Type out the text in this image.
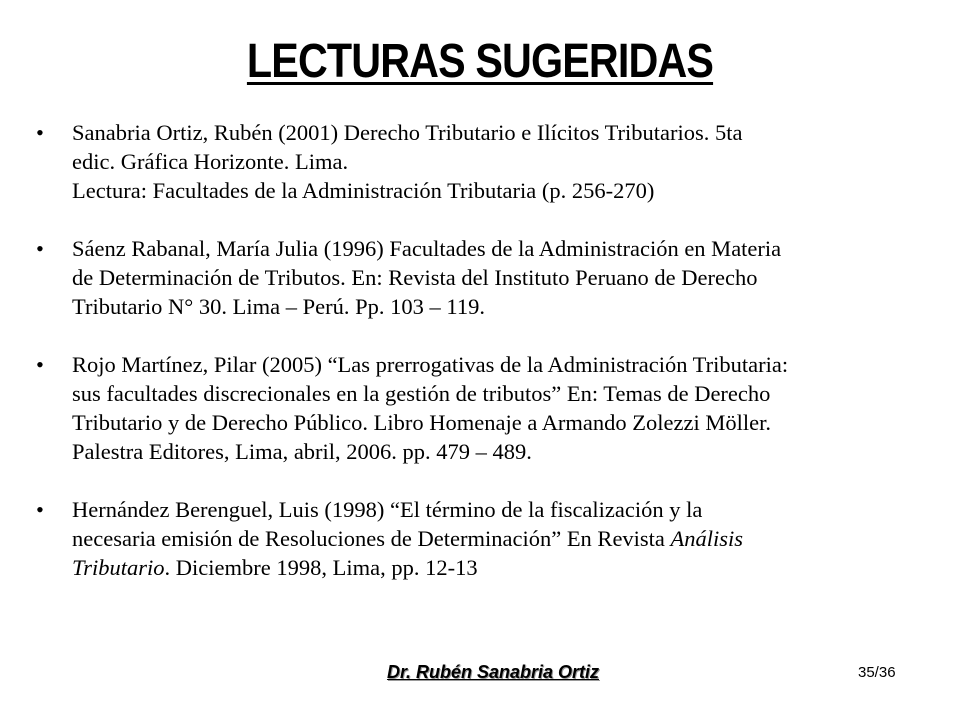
LECTURAS SUGERIDAS
• Sanabria Ortiz, Rubén (2001) Derecho Tributario e Ilícitos Tributarios. 5ta
edic. Gráfica Horizonte. Lima.
Lectura: Facultades de la Administración Tributaria (p. 256-270)
• Sáenz Rabanal, María Julia (1996) Facultades de la Administración en Materia
de Determinación de Tributos. En: Revista del Instituto Peruano de Derecho
Tributario N° 30. Lima – Perú. Pp. 103 – 119.
• Rojo Martínez, Pilar (2005) “Las prerrogativas de la Administración Tributaria:
sus facultades discrecionales en la gestión de tributos” En: Temas de Derecho
Tributario y de Derecho Público. Libro Homenaje a Armando Zolezzi Möller.
Palestra Editores, Lima, abril, 2006. pp. 479 – 489.
• Hernández Berenguel, Luis (1998) “El término de la fiscalización y la
necesaria emisión de Resoluciones de Determinación” En Revista Análisis
Tributario. Diciembre 1998, Lima, pp. 12-13
Dr. Rubén Sanabria Ortiz	35/36
